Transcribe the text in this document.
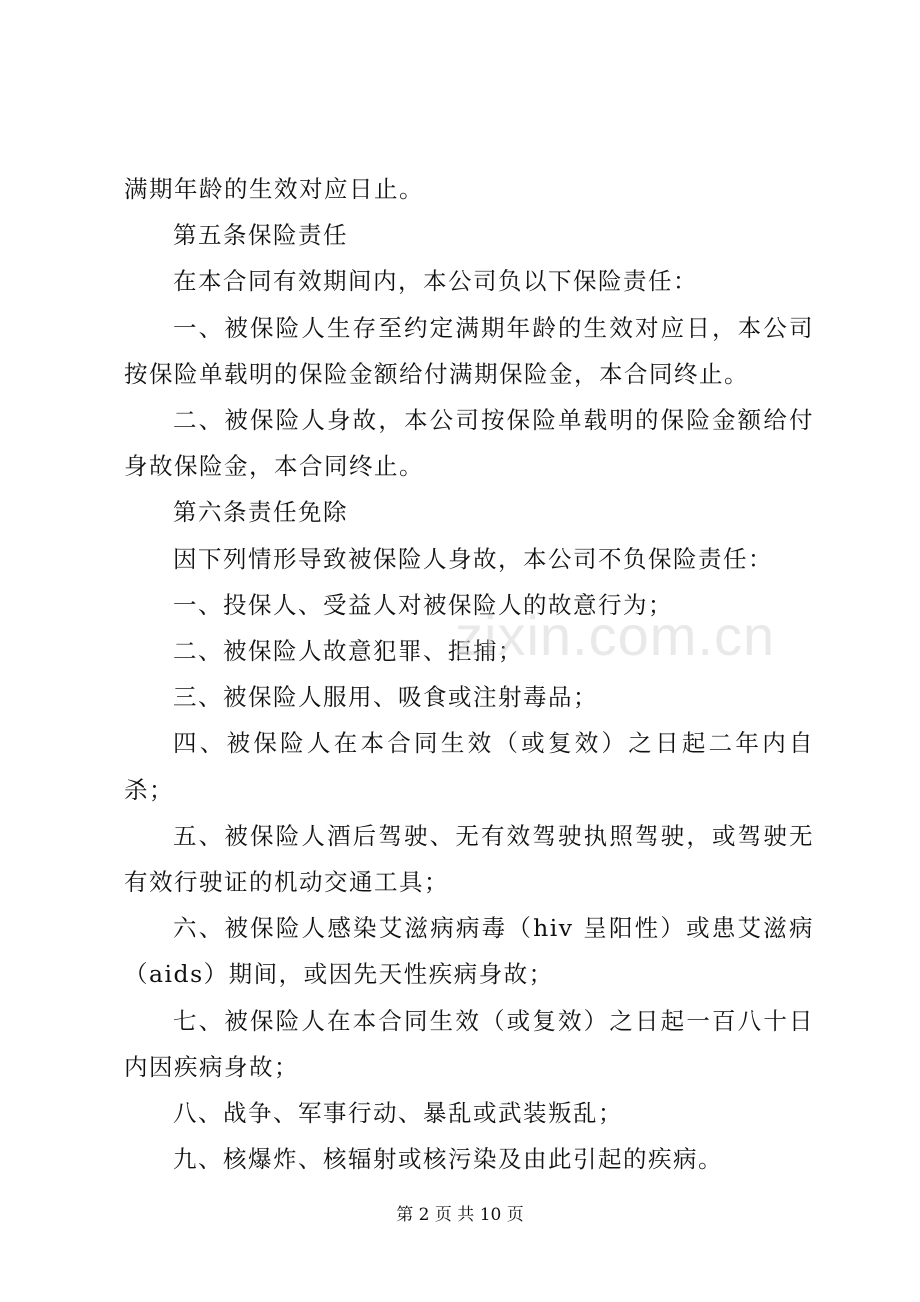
满期年龄的生效对应日止。

第五条保险责任

在本合同有效期间内，本公司负以下保险责任：

一、被保险人生存至约定满期年龄的生效对应日，本公司按保险单载明的保险金额给付满期保险金，本合同终止。

二、被保险人身故，本公司按保险单载明的保险金额给付身故保险金，本合同终止。

第六条责任免除

因下列情形导致被保险人身故，本公司不负保险责任：

一、投保人、受益人对被保险人的故意行为；

二、被保险人故意犯罪、拒捕；

三、被保险人服用、吸食或注射毒品；

四、被保险人在本合同生效（或复效）之日起二年内自杀；

五、被保险人酒后驾驶、无有效驾驶执照驾驶，或驾驶无有效行驶证的机动交通工具；

六、被保险人感染艾滋病病毒（hiv 呈阳性）或患艾滋病（aids）期间，或因先天性疾病身故；

七、被保险人在本合同生效（或复效）之日起一百八十日内因疾病身故；

八、战争、军事行动、暴乱或武装叛乱；

九、核爆炸、核辐射或核污染及由此引起的疾病。

zixin.com.cn
第 2 页 共 10 页
